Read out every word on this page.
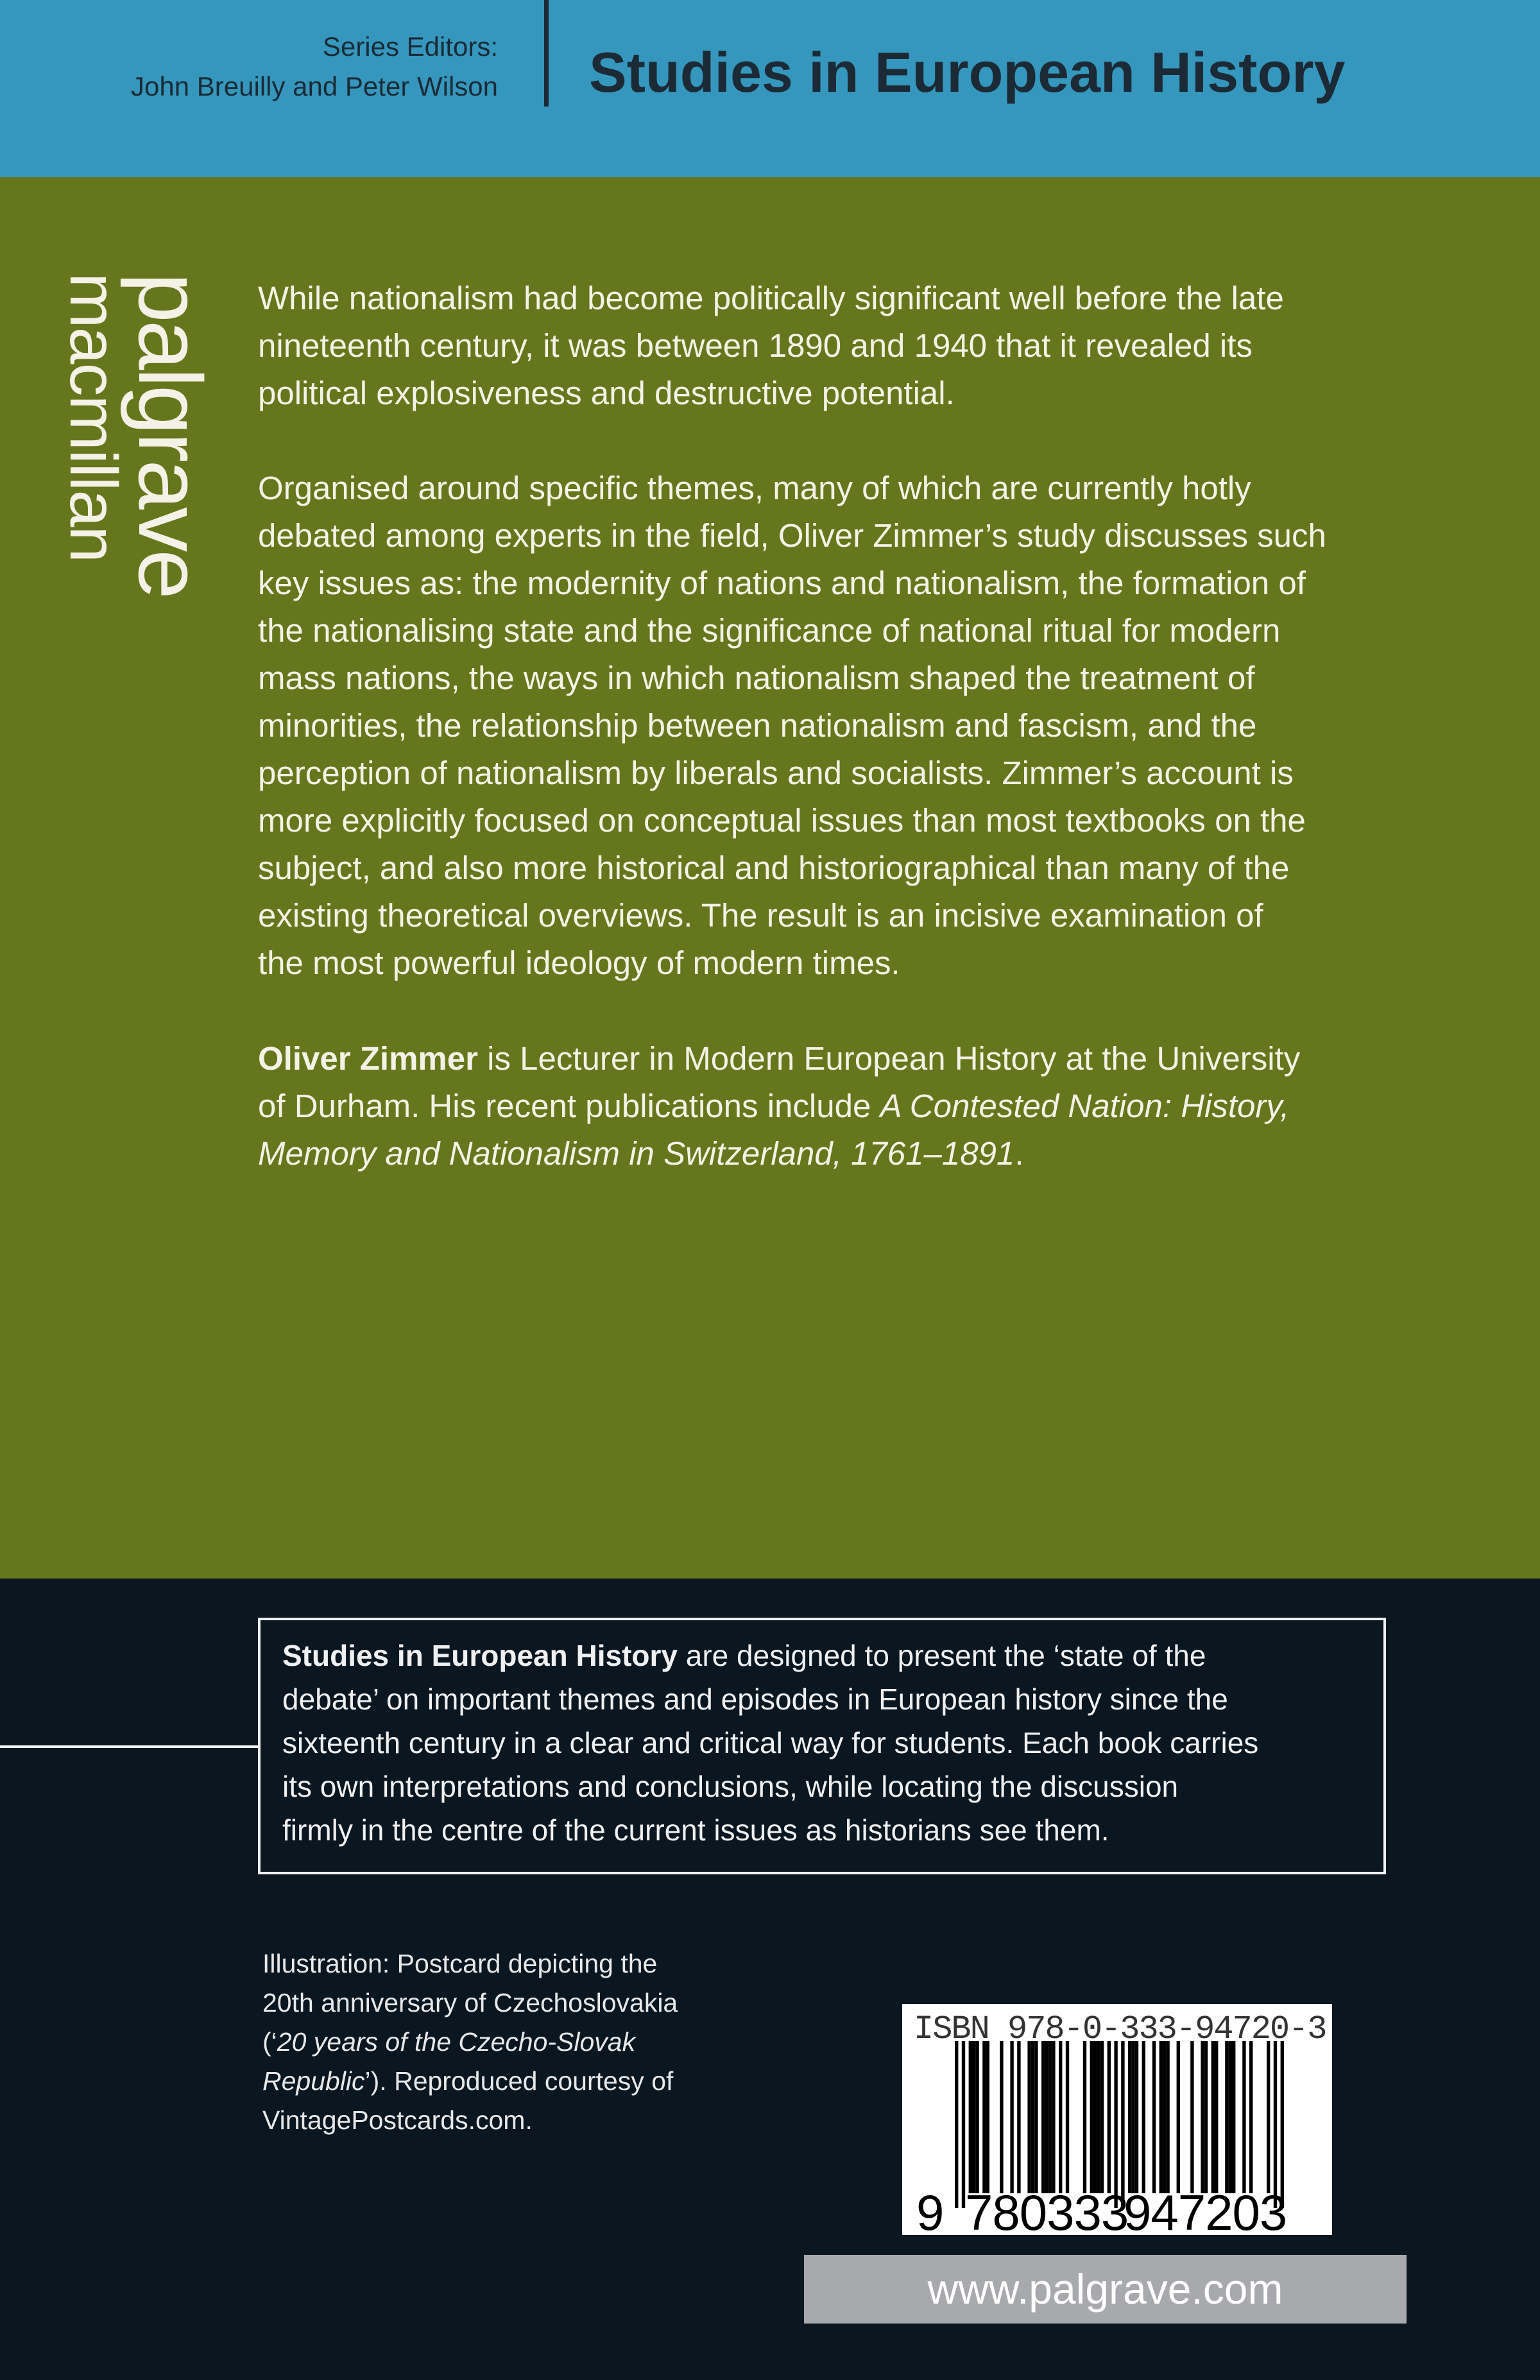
Series Editors:
John Breuilly and Peter Wilson Studies in European History
palgrave
macmillan	While nationalism had become politically significant well before the late
nineteenth century, it was between 1890 and 1940 that it revealed its
political explosiveness and destructive potential.
Organised around specific themes, many of which are currently hotly
debated among experts in the field, Oliver Zimmer’s study discusses such
key issues as: the modernity of nations and nationalism, the formation of
the nationalising state and the significance of national ritual for modern
mass nations, the ways in which nationalism shaped the treatment of
minorities, the relationship between nationalism and fascism, and the
perception of nationalism by liberals and socialists. Zimmer’s account is
more explicitly focused on conceptual issues than most textbooks on the
subject, and also more historical and historiographical than many of the
existing theoretical overviews. The result is an incisive examination of
the most powerful ideology of modern times.
Oliver Zimmer is Lecturer in Modern European History at the University
of Durham. His recent publications include A Contested Nation: History,
Memory and Nationalism in Switzerland, 1761–1891.
Studies in European History are designed to present the ‘state of the
debate’ on important themes and episodes in European history since the
sixteenth century in a clear and critical way for students. Each book carries
its own interpretations and conclusions, while locating the discussion
firmly in the centre of the current issues as historians see them.
Illustration: Postcard depicting the
20th anniversary of Czechoslovakia
(‘20 years of the Czecho-Slovak
Republic’). Reproduced courtesy of
VintagePostcards.com.
ISBN 978-0-333-94720-3
9 780333
947203
www.palgrave.com
